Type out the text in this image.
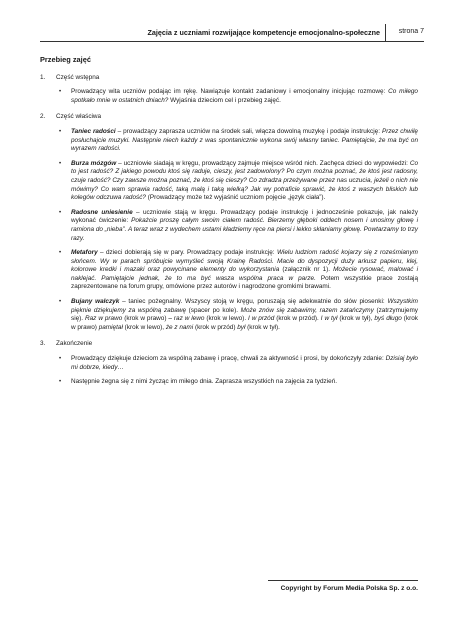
Zajęcia z uczniami rozwijające kompetencje emocjonalno-społeczne	strona 7
Przebieg zajęć
1. Część wstępna
• Prowadzący wita uczniów podając im rękę. Nawiązuje kontakt zadaniowy i emocjonalny inicjując rozmowę: Co miłego spotkało mnie w ostatnich dniach? Wyjaśnia dzieciom cel i przebieg zajęć.
2. Część właściwa
• Taniec radości – prowadzący zaprasza uczniów na środek sali, włącza dowolną muzykę i podaje instrukcję: Przez chwilę posłuchajcie muzyki. Następnie niech każdy z was spontanicznie wykona swój własny taniec. Pamiętajcie, że ma być on wyrazem radości.
• Burza mózgów – uczniowie siadają w kręgu, prowadzący zajmuje miejsce wśród nich. Zachęca dzieci do wypowiedzi: Co to jest radość? Z jakiego powodu ktoś się raduje, cieszy, jest zadowolony? Po czym można poznać, że ktoś jest radosny, czuje radość? Czy zawsze można poznać, że ktoś się cieszy? Co zdradza przeżywane przez nas uczucia, jeżeli o nich nie mówimy? Co wam sprawia radość, taką małą i taką wielką? Jak wy potraficie sprawić, że ktoś z waszych bliskich lub kolegów odczuwa radość? (Prowadzący może też wyjaśnić uczniom pojęcie „język ciała”).
• Radosne uniesienie – uczniowie stają w kręgu. Prowadzący podaje instrukcję i jednocześnie pokazuje, jak należy wykonać ćwiczenie: Pokażcie proszę całym swoim ciałem radość. Bierzemy głęboki oddech nosem i unosimy głowę i ramiona do „nieba”. A teraz wraz z wydechem ustami kładziemy ręce na piersi i lekko skłaniamy głowę. Powtarzamy to trzy razy.
• Metafory – dzieci dobierają się w pary. Prowadzący podaje instrukcję: Wielu ludziom radość kojarzy się z roześmianym słońcem. Wy w parach spróbujcie wymyśleć swoją Krainę Radości. Macie do dyspozycji duży arkusz papieru, klej, kolorowe kredki i mazaki oraz powycinane elementy do wykorzystania (załącznik nr 1). Możecie rysować, malować i naklejać. Pamiętajcie jednak, że to ma być wasza wspólna praca w parze. Potem wszystkie prace zostają zaprezentowane na forum grupy, omówione przez autorów i nagrodzone gromkimi brawami.
• Bujany walczyk – taniec pożegnalny. Wszyscy stoją w kręgu, poruszają się adekwatnie do słów piosenki: Wszystkim pięknie dziękujemy za wspólną zabawę (spacer po kole). Może znów się zabawimy, razem zatańczymy (zatrzymujemy się). Raz w prawo (krok w prawo) – raz w lewo (krok w lewo). I w przód (krok w przód). I w tył (krok w tył), byś długo (krok w prawo) pamiętał (krok w lewo), że z nami (krok w przód) był (krok w tył).
3. Zakończenie
• Prowadzący dziękuje dzieciom za wspólną zabawę i pracę, chwali za aktywność i prosi, by dokończyły zdanie: Dzisiaj było mi dobrze, kiedy…
• Następnie żegna się z nimi życząc im miłego dnia. Zaprasza wszystkich na zajęcia za tydzień.
Copyright by Forum Media Polska Sp. z o.o.
